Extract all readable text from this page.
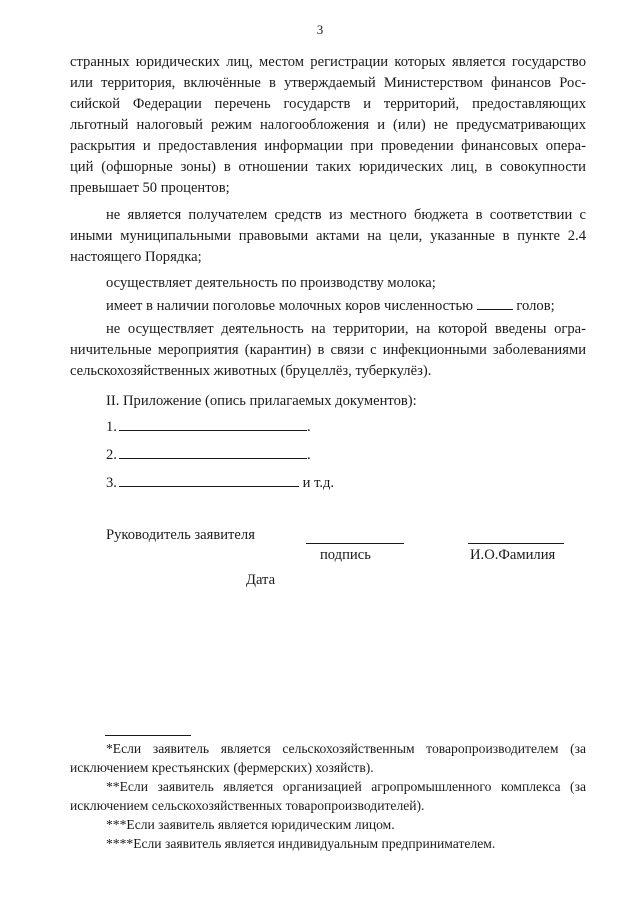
3
странных юридических лиц, местом регистрации которых является государство
или территория, включённые в утверждаемый Министерством финансов Рос-
сийской Федерации перечень государств и территорий, предоставляющих
льготный налоговый режим налогообложения и (или) не предусматривающих
раскрытия и предоставления информации при проведении финансовых опера-
ций (офшорные зоны) в отношении таких юридических лиц, в совокупности
превышает 50 процентов;
не является получателем средств из местного бюджета в соответствии с
иными муниципальными правовыми актами на цели, указанные в пункте 2.4
настоящего Порядка;
осуществляет деятельность по производству молока;
имеет в наличии поголовье молочных коров численностью	голов;
не осуществляет деятельность на территории, на которой введены огра-
ничительные мероприятия (карантин) в связи с инфекционными заболеваниями
сельскохозяйственных животных (бруцеллёз, туберкулёз).
II. Приложение (опись прилагаемых документов):
1.	.
2.	.
3.	и т.д.
Руководитель заявителя
подпись	И.О.Фамилия
Дата
*Если заявитель является сельскохозяйственным товаропроизводителем (за исключением крестьянских (фермерских) хозяйств).
**Если заявитель является организацией агропромышленного комплекса (за исключением сельскохозяйственных товаропроизводителей).
***Если заявитель является юридическим лицом.
****Если заявитель является индивидуальным предпринимателем.
